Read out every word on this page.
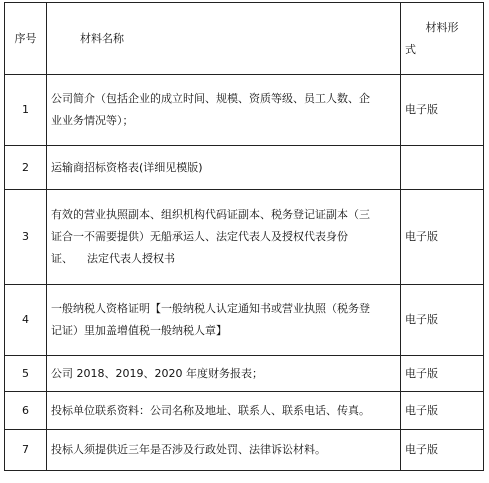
序号	材料名称	材料形
式

1	公司简介（包括企业的成立时间、规模、资质等级、员工人数、企
业业务情况等）；	电子版
2	运输商招标资格表(详细见模版)	

3	有效的营业执照副本、组织机构代码证副本、税务登记证副本（三
证合一不需要提供）无船承运人、法定代表人及授权代表身份
证、    法定代表人授权书	电子版
4	一般纳税人资格证明【一般纳税人认定通知书或营业执照（税务登
记证）里加盖增值税一般纳税人章】	电子版
5	公司 2018、2019、2020 年度财务报表；	电子版
6	投标单位联系资料：公司名称及地址、联系人、联系电话、传真。	电子版
7	投标人须提供近三年是否涉及行政处罚、法律诉讼材料。	电子版
